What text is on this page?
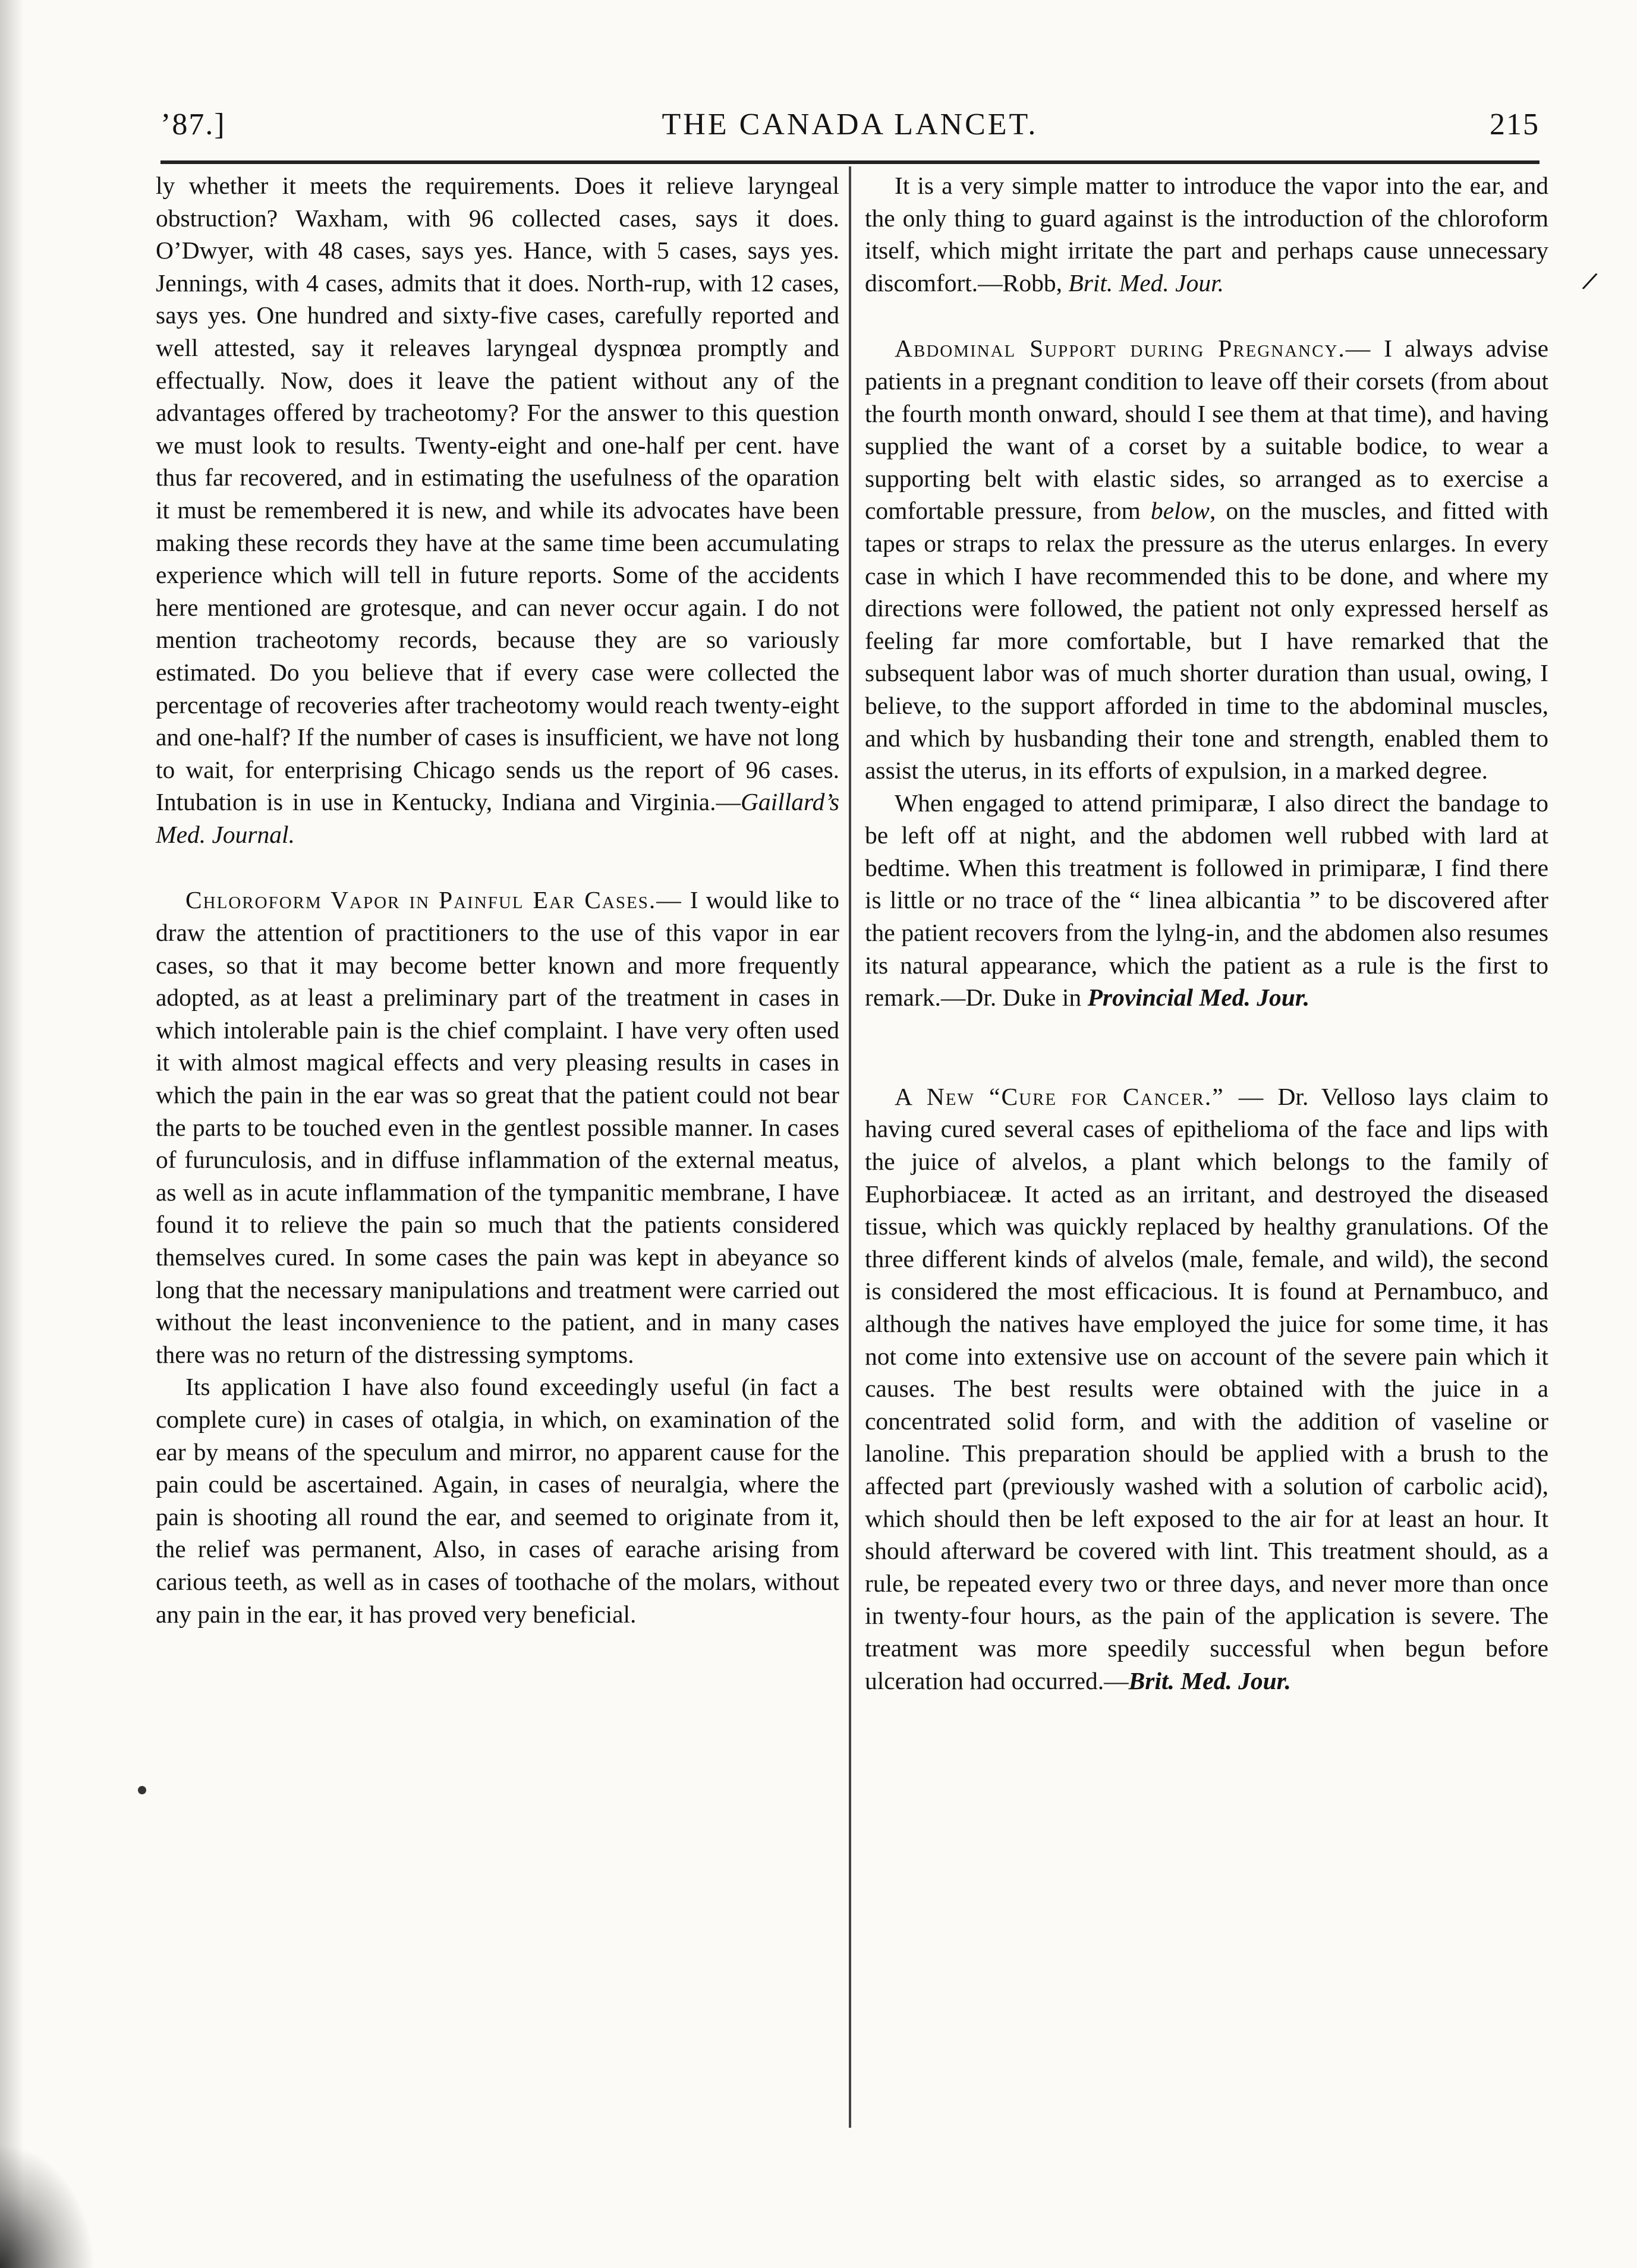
’87.]	THE CANADA LANCET.	215

ly whether it meets the requirements. Does it relieve laryngeal obstruction? Waxham, with 96 collected cases, says it does. O’Dwyer, with 48 cases, says yes. Hance, with 5 cases, says yes. Jennings, with 4 cases, admits that it does. North-rup, with 12 cases, says yes. One hundred and sixty-five cases, carefully reported and well attested, say it releaves laryngeal dyspnœa promptly and effectually. Now, does it leave the patient without any of the advantages offered by tracheotomy? For the answer to this question we must look to results. Twenty-eight and one-half per cent. have thus far recovered, and in estimating the usefulness of the oparation it must be remembered it is new, and while its advocates have been making these records they have at the same time been accumulating experience which will tell in future reports. Some of the accidents here mentioned are grotesque, and can never occur again. I do not mention tracheotomy records, because they are so variously estimated. Do you believe that if every case were collected the percentage of recoveries after tracheotomy would reach twenty-eight and one-half? If the number of cases is insufficient, we have not long to wait, for enterprising Chicago sends us the report of 96 cases. Intubation is in use in Kentucky, Indiana and Virginia.—Gaillard’s Med. Journal.

Chloroform Vapor in Painful Ear Cases.— I would like to draw the attention of practitioners to the use of this vapor in ear cases, so that it may become better known and more frequently adopted, as at least a preliminary part of the treatment in cases in which intolerable pain is the chief complaint. I have very often used it with almost magical effects and very pleasing results in cases in which the pain in the ear was so great that the patient could not bear the parts to be touched even in the gentlest possible manner. In cases of furunculosis, and in diffuse inflammation of the external meatus, as well as in acute inflammation of the tympanitic membrane, I have found it to relieve the pain so much that the patients considered themselves cured. In some cases the pain was kept in abeyance so long that the necessary manipulations and treatment were carried out without the least inconvenience to the patient, and in many cases there was no return of the distressing symptoms.

Its application I have also found exceedingly useful (in fact a complete cure) in cases of otalgia, in which, on examination of the ear by means of the speculum and mirror, no apparent cause for the pain could be ascertained. Again, in cases of neuralgia, where the pain is shooting all round the ear, and seemed to originate from it, the relief was permanent, Also, in cases of earache arising from carious teeth, as well as in cases of toothache of the molars, without any pain in the ear, it has proved very beneficial.

It is a very simple matter to introduce the vapor into the ear, and the only thing to guard against is the introduction of the chloroform itself, which might irritate the part and perhaps cause unnecessary discomfort.—Robb, Brit. Med. Jour.

Abdominal Support during Pregnancy.— I always advise patients in a pregnant condition to leave off their corsets (from about the fourth month onward, should I see them at that time), and having supplied the want of a corset by a suitable bodice, to wear a supporting belt with elastic sides, so arranged as to exercise a comfortable pressure, from below, on the muscles, and fitted with tapes or straps to relax the pressure as the uterus enlarges. In every case in which I have recommended this to be done, and where my directions were followed, the patient not only expressed herself as feeling far more comfortable, but I have remarked that the subsequent labor was of much shorter duration than usual, owing, I believe, to the support afforded in time to the abdominal muscles, and which by husbanding their tone and strength, enabled them to assist the uterus, in its efforts of expulsion, in a marked degree.

When engaged to attend primiparæ, I also direct the bandage to be left off at night, and the abdomen well rubbed with lard at bedtime. When this treatment is followed in primiparæ, I find there is little or no trace of the “ linea albicantia ” to be discovered after the patient recovers from the lylng-in, and the abdomen also resumes its natural appearance, which the patient as a rule is the first to remark.—Dr. Duke in Provincial Med. Jour.

A New “Cure for Cancer.” — Dr. Velloso lays claim to having cured several cases of epithelioma of the face and lips with the juice of alvelos, a plant which belongs to the family of Euphorbiaceæ. It acted as an irritant, and destroyed the diseased tissue, which was quickly replaced by healthy granulations. Of the three different kinds of alvelos (male, female, and wild), the second is considered the most efficacious. It is found at Pernambuco, and although the natives have employed the juice for some time, it has not come into extensive use on account of the severe pain which it causes. The best results were obtained with the juice in a concentrated solid form, and with the addition of vaseline or lanoline. This preparation should be applied with a brush to the affected part (previously washed with a solution of carbolic acid), which should then be left exposed to the air for at least an hour. It should afterward be covered with lint. This treatment should, as a rule, be repeated every two or three days, and never more than once in twenty-four hours, as the pain of the application is severe. The treatment was more speedily successful when begun before ulceration had occurred.—Brit. Med. Jour.

/
